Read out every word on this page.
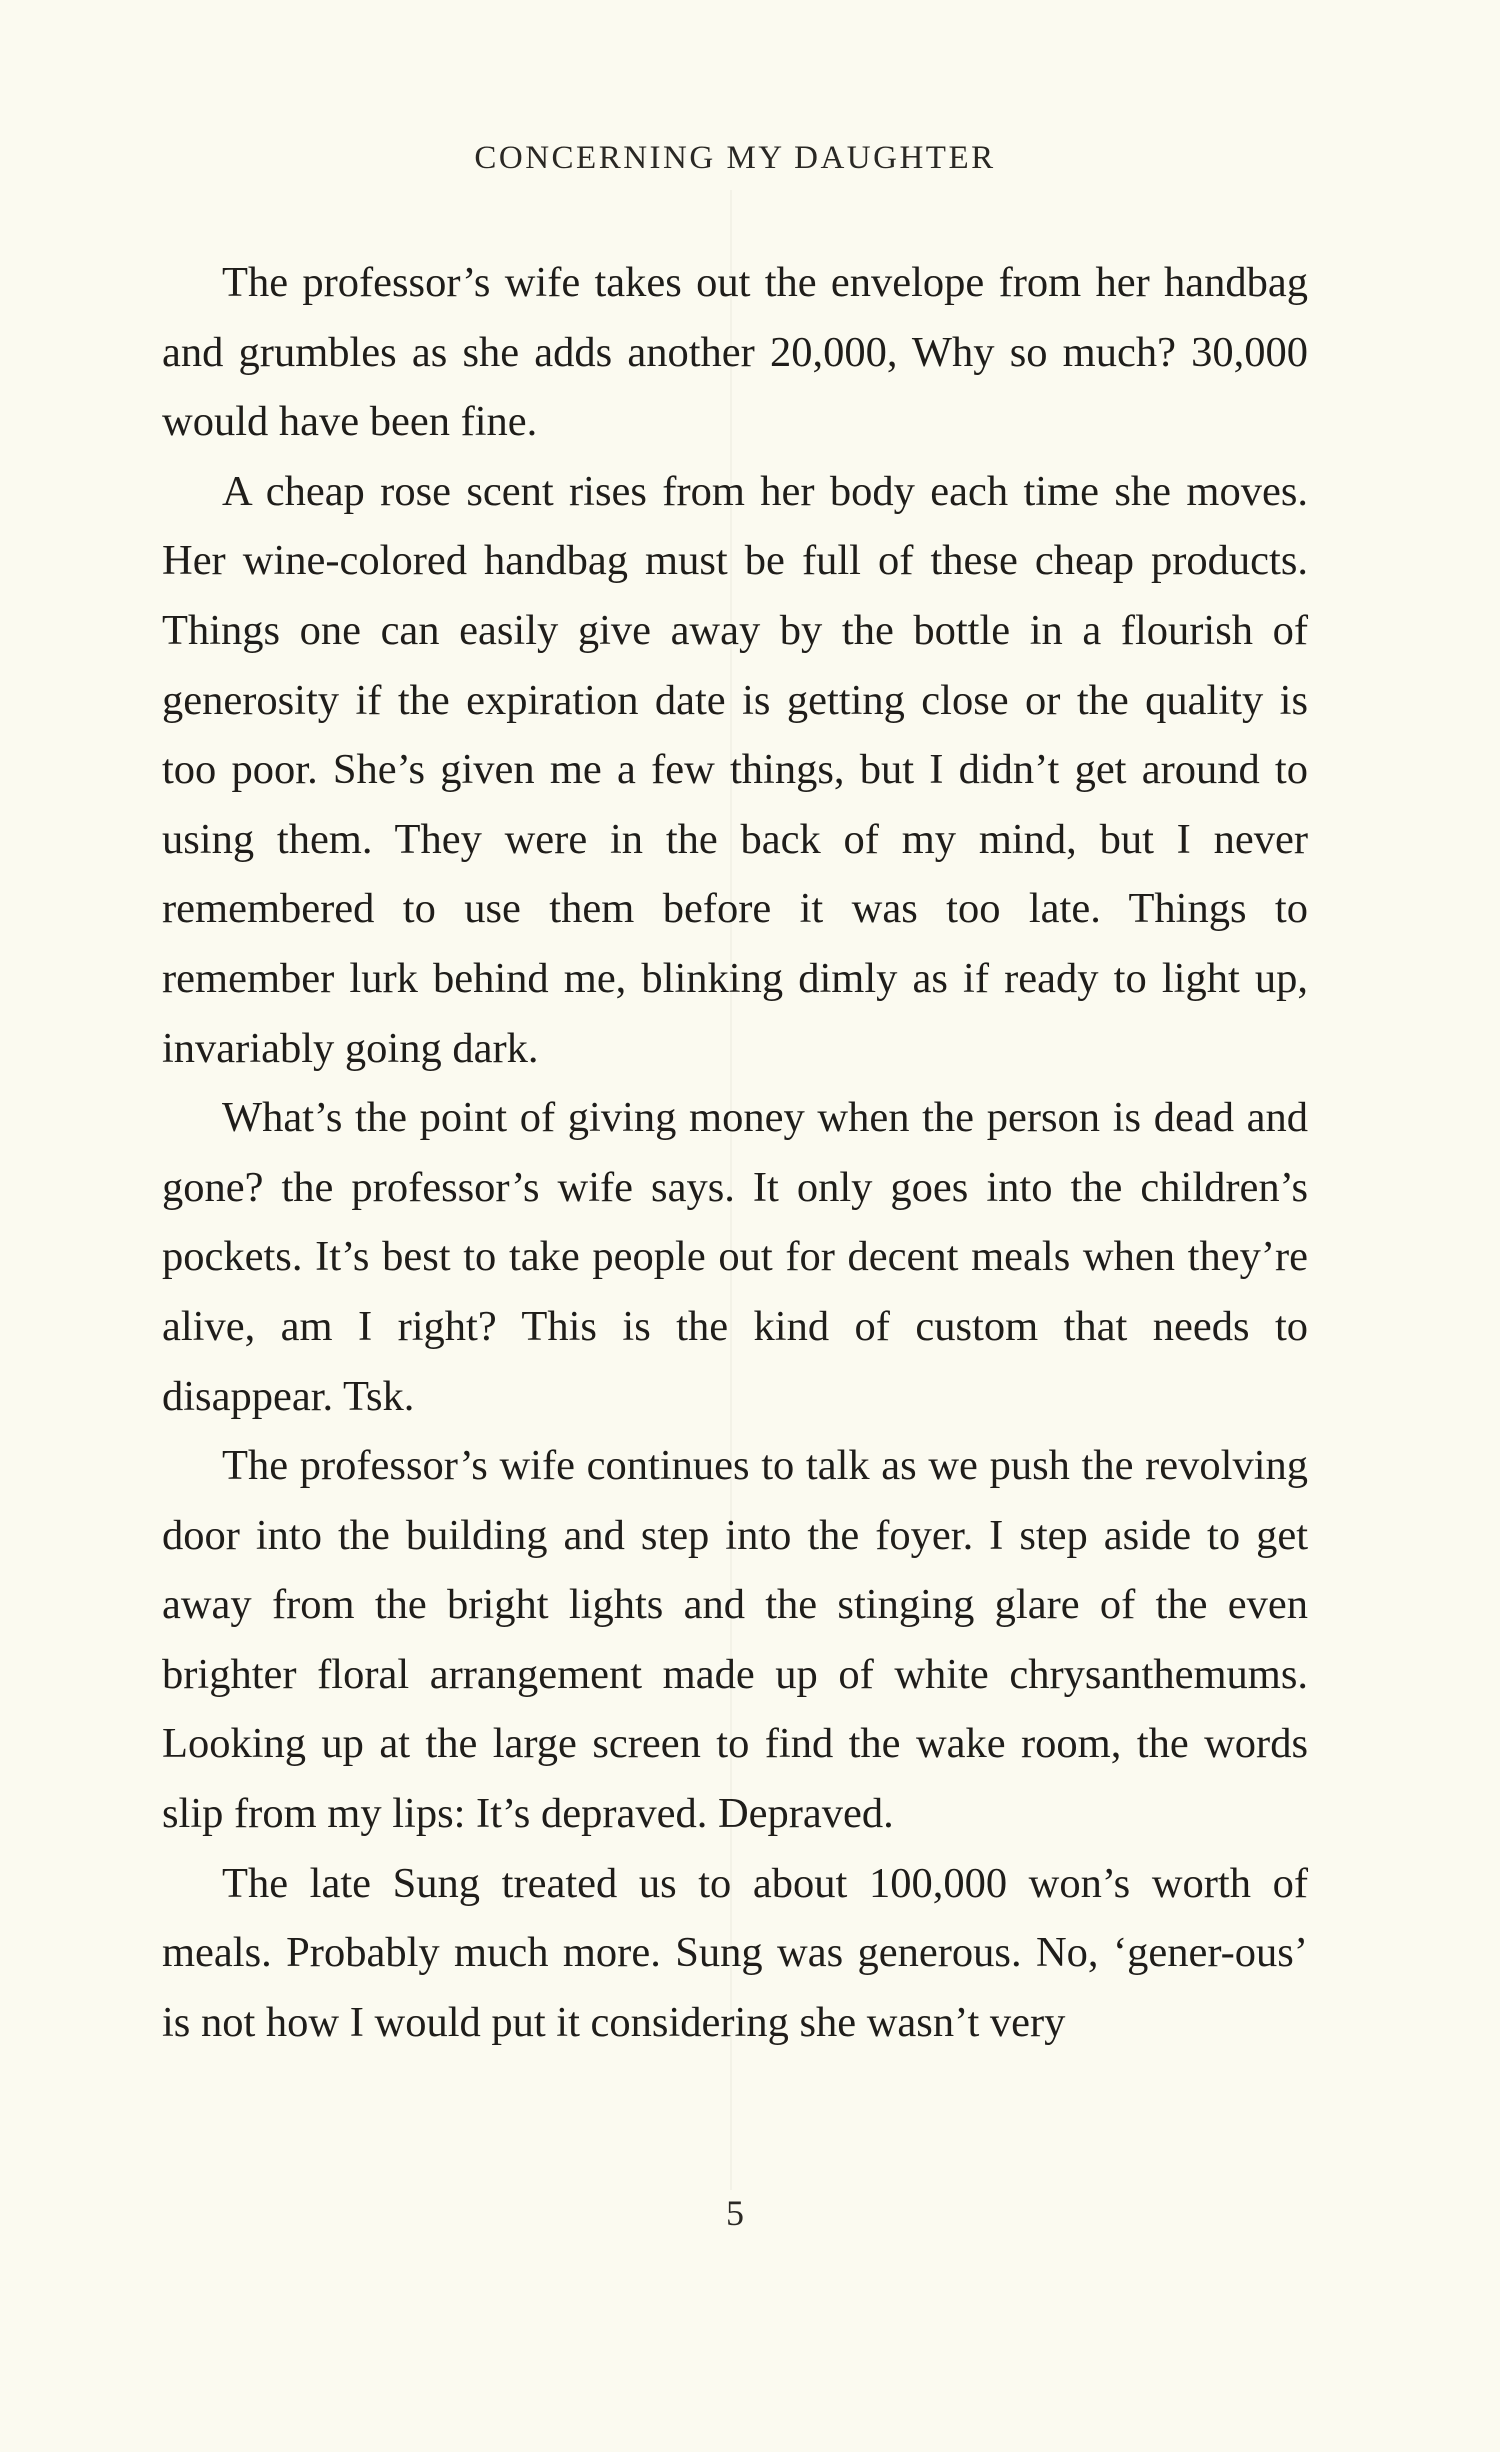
CONCERNING MY DAUGHTER

The professor’s wife takes out the envelope from her handbag and grumbles as she adds another 20,000, Why so much? 30,000 would have been fine.

A cheap rose scent rises from her body each time she moves. Her wine-colored handbag must be full of these cheap products. Things one can easily give away by the bottle in a flourish of generosity if the expiration date is getting close or the quality is too poor. She’s given me a few things, but I didn’t get around to using them. They were in the back of my mind, but I never remembered to use them before it was too late. Things to remember lurk behind me, blinking dimly as if ready to light up, invariably going dark.

What’s the point of giving money when the person is dead and gone? the professor’s wife says. It only goes into the children’s pockets. It’s best to take people out for decent meals when they’re alive, am I right? This is the kind of custom that needs to disappear. Tsk.

The professor’s wife continues to talk as we push the revolving door into the building and step into the foyer. I step aside to get away from the bright lights and the stinging glare of the even brighter floral arrangement made up of white chrysanthemums. Looking up at the large screen to find the wake room, the words slip from my lips: It’s depraved. Depraved.

The late Sung treated us to about 100,000 won’s worth of meals. Probably much more. Sung was generous. No, ‘gener-ous’ is not how I would put it considering she wasn’t very

5
